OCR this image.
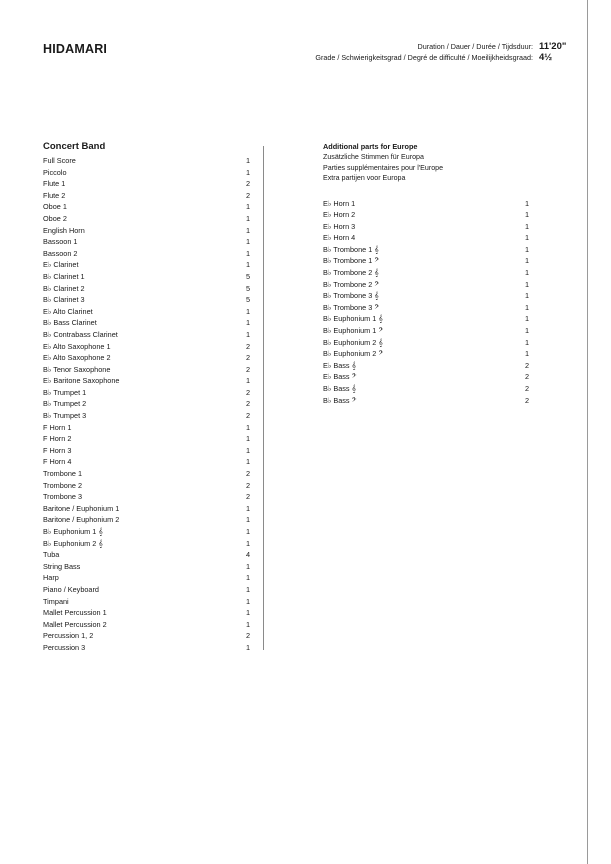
HIDAMARI	Duration / Dauer / Durée / Tijdsduur: 11'20"
Grade / Schwierigkeitsgrad / Degré de difficulté / Moeilijkheidsgraad: 4½
Concert Band
Full Score	1
Piccolo	1
Flute 1	2
Flute 2	2
Oboe 1	1
Oboe 2	1
English Horn	1
Bassoon 1	1
Bassoon 2	1
E♭ Clarinet	1
B♭ Clarinet 1	5
B♭ Clarinet 2	5
B♭ Clarinet 3	5
E♭ Alto Clarinet	1
B♭ Bass Clarinet	1
B♭ Contrabass Clarinet	1
E♭ Alto Saxophone 1	2
E♭ Alto Saxophone 2	2
B♭ Tenor Saxophone	2
E♭ Baritone Saxophone	1
B♭ Trumpet 1	2
B♭ Trumpet 2	2
B♭ Trumpet 3	2
F Horn 1	1
F Horn 2	1
F Horn 3	1
F Horn 4	1
Trombone 1	2
Trombone 2	2
Trombone 3	2
Baritone / Euphonium 1	1
Baritone / Euphonium 2	1
B♭ Euphonium 1 𝄞	1
B♭ Euphonium 2 𝄞	1
Tuba	4
String Bass	1
Harp	1
Piano / Keyboard	1
Timpani	1
Mallet Percussion 1	1
Mallet Percussion 2	1
Percussion 1, 2	2
Percussion 3	1
Additional parts for Europe
Zusätzliche Stimmen für Europa
Parties supplémentaires pour l'Europe
Extra partijen voor Europa
E♭ Horn 1	1
E♭ Horn 2	1
E♭ Horn 3	1
E♭ Horn 4	1
B♭ Trombone 1 𝄞	1
B♭ Trombone 1 𝄢	1
B♭ Trombone 2 𝄞	1
B♭ Trombone 2 𝄢	1
B♭ Trombone 3 𝄞	1
B♭ Trombone 3 𝄢	1
B♭ Euphonium 1 𝄞	1
B♭ Euphonium 1 𝄢	1
B♭ Euphonium 2 𝄞	1
B♭ Euphonium 2 𝄢	1
E♭ Bass 𝄞	2
E♭ Bass 𝄢	2
B♭ Bass 𝄞	2
B♭ Bass 𝄢	2
